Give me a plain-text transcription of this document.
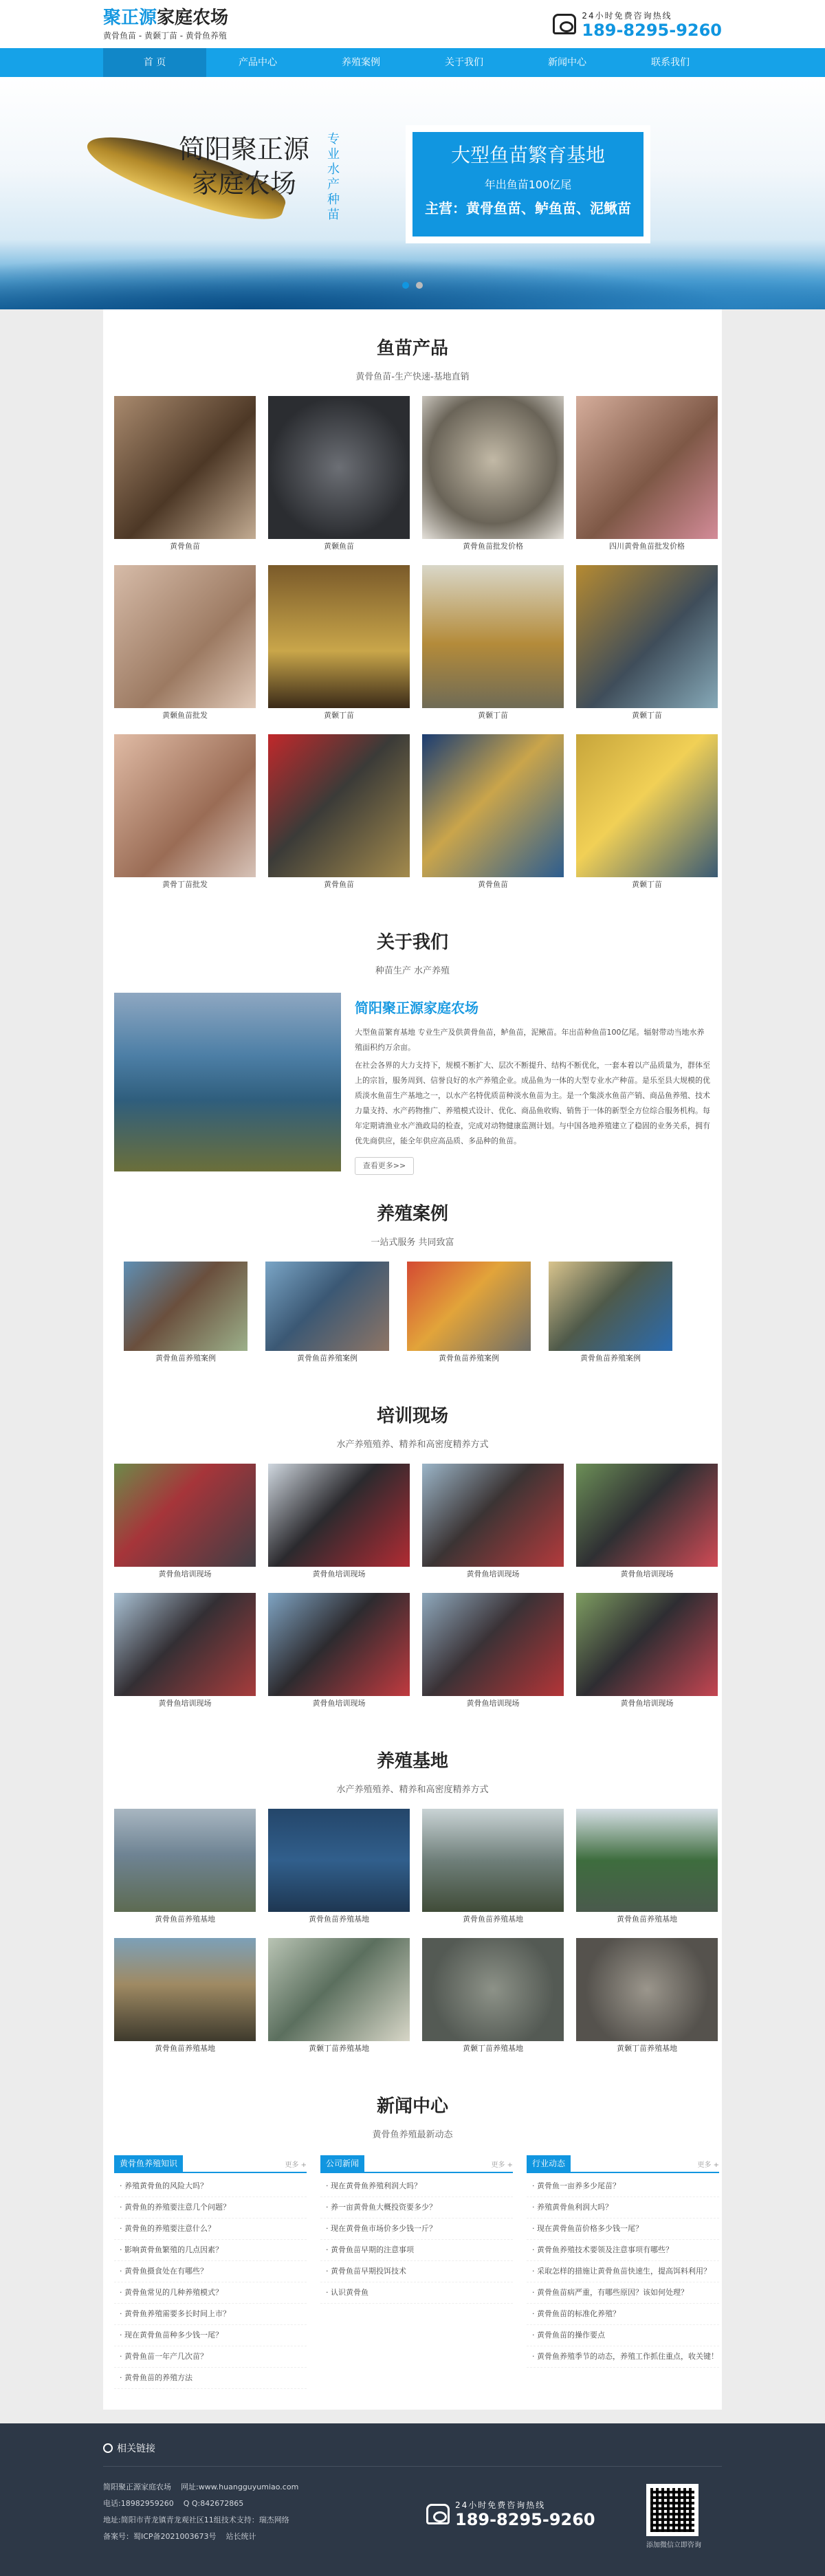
聚正源家庭农场
黄骨鱼苗 - 黄颡丁苗 - 黄骨鱼养殖
24小时免费咨询热线
189-8295-9260
首 页	产品中心	养殖案例	关于我们	新闻中心	联系我们
简阳聚正源
家庭农场
专业水产种苗
大型鱼苗繁育基地
年出鱼苗100亿尾
主营：黄骨鱼苗、鲈鱼苗、泥鳅苗
鱼苗产品
黄骨鱼苗-生产快速-基地直销
黄骨鱼苗	黄颡鱼苗	黄骨鱼苗批发价格	四川黄骨鱼苗批发价格
黄颡鱼苗批发	黄颡丁苗	黄颡丁苗	黄颡丁苗
黄骨丁苗批发	黄骨鱼苗	黄骨鱼苗	黄颡丁苗
关于我们
种苗生产 水产养殖
简阳聚正源家庭农场
大型鱼苗繁育基地 专业生产及供黄骨鱼苗，鲈鱼苗，泥鳅苗。年出苗种鱼苗100亿尾。辐射带动当地水养殖面积约万余亩。
在社会各界的大力支持下，规模不断扩大、层次不断提升、结构不断优化，一套本着以产品质量为，群体至上的宗旨，服务周到、信誉良好的水产养殖企业。成品鱼为一体的大型专业水产种苗。是乐至县大规模的优质淡水鱼苗生产基地之一，以水产名特优质苗种淡水鱼苗为主。是一个集淡水鱼苗产销、商品鱼养殖、技术力量支持、水产药物推广、养殖模式设计、优化、商品鱼收购、销售于一体的新型全方位综合服务机构。每年定期请渔业水产渔政局的检查，完成对动物健康监测计划。与中国各地养殖建立了稳固的业务关系，拥有优先商供应，能全年供应高品质、多品种的鱼苗。
查看更多>>
养殖案例
一站式服务 共同致富
黄骨鱼苗养殖案例	黄骨鱼苗养殖案例	黄骨鱼苗养殖案例	黄骨鱼苗养殖案例
培训现场
水产养殖殖养、精养和高密度精养方式
黄骨鱼培训现场	黄骨鱼培训现场	黄骨鱼培训现场	黄骨鱼培训现场
黄骨鱼培训现场	黄骨鱼培训现场	黄骨鱼培训现场	黄骨鱼培训现场
养殖基地
水产养殖殖养、精养和高密度精养方式
黄骨鱼苗养殖基地	黄骨鱼苗养殖基地	黄骨鱼苗养殖基地	黄骨鱼苗养殖基地
黄骨鱼苗养殖基地	黄颡丁苗养殖基地	黄颡丁苗养殖基地	黄颡丁苗养殖基地
新闻中心
黄骨鱼养殖最新动态
黄骨鱼养殖知识	更多 +
· 养殖黄骨鱼的风险大吗？
· 黄骨鱼的养殖要注意几个问题？
· 黄骨鱼的养殖要注意什么？
· 影响黄骨鱼繁殖的几点因素？
· 黄骨鱼摄食处在有哪些？
· 黄骨鱼常见的几种养殖模式？
· 黄骨鱼养殖需要多长时间上市？
· 现在黄骨鱼苗种多少钱一尾？
· 黄骨鱼苗一年产几次苗？
· 黄骨鱼苗的养殖方法
公司新闻	更多 +
· 现在黄骨鱼养殖利润大吗？
· 养一亩黄骨鱼大概投资要多少？
· 现在黄骨鱼市场价多少钱一斤？
· 黄骨鱼苗早期的注意事项
· 黄骨鱼苗早期投饵技术
· 认识黄骨鱼
行业动态	更多 +
· 黄骨鱼一亩养多少尾苗？
· 养殖黄骨鱼利润大吗？
· 现在黄骨鱼苗价格多少钱一尾？
· 黄骨鱼养殖技术要领及注意事项有哪些？
· 采取怎样的措施让黄骨鱼苗快速生，提高饵料利用？
· 黄骨鱼苗病严重，有哪些原因？该如何处理？
· 黄骨鱼苗的标准化养殖？
· 黄骨鱼苗的操作要点
· 黄骨鱼养殖季节的动态，养殖工作抓住重点，收关键！
相关链接
简阳聚正源家庭农场 网址:www.huangguyumiao.com
电话:18982959260 Q Q:842672865
地址:简阳市青龙镇青龙观社区11组技术支持：瑞杰网络
备案号：蜀ICP备2021003673号 站长统计
24小时免费咨询热线
189-8295-9260
添加微信立即咨询
